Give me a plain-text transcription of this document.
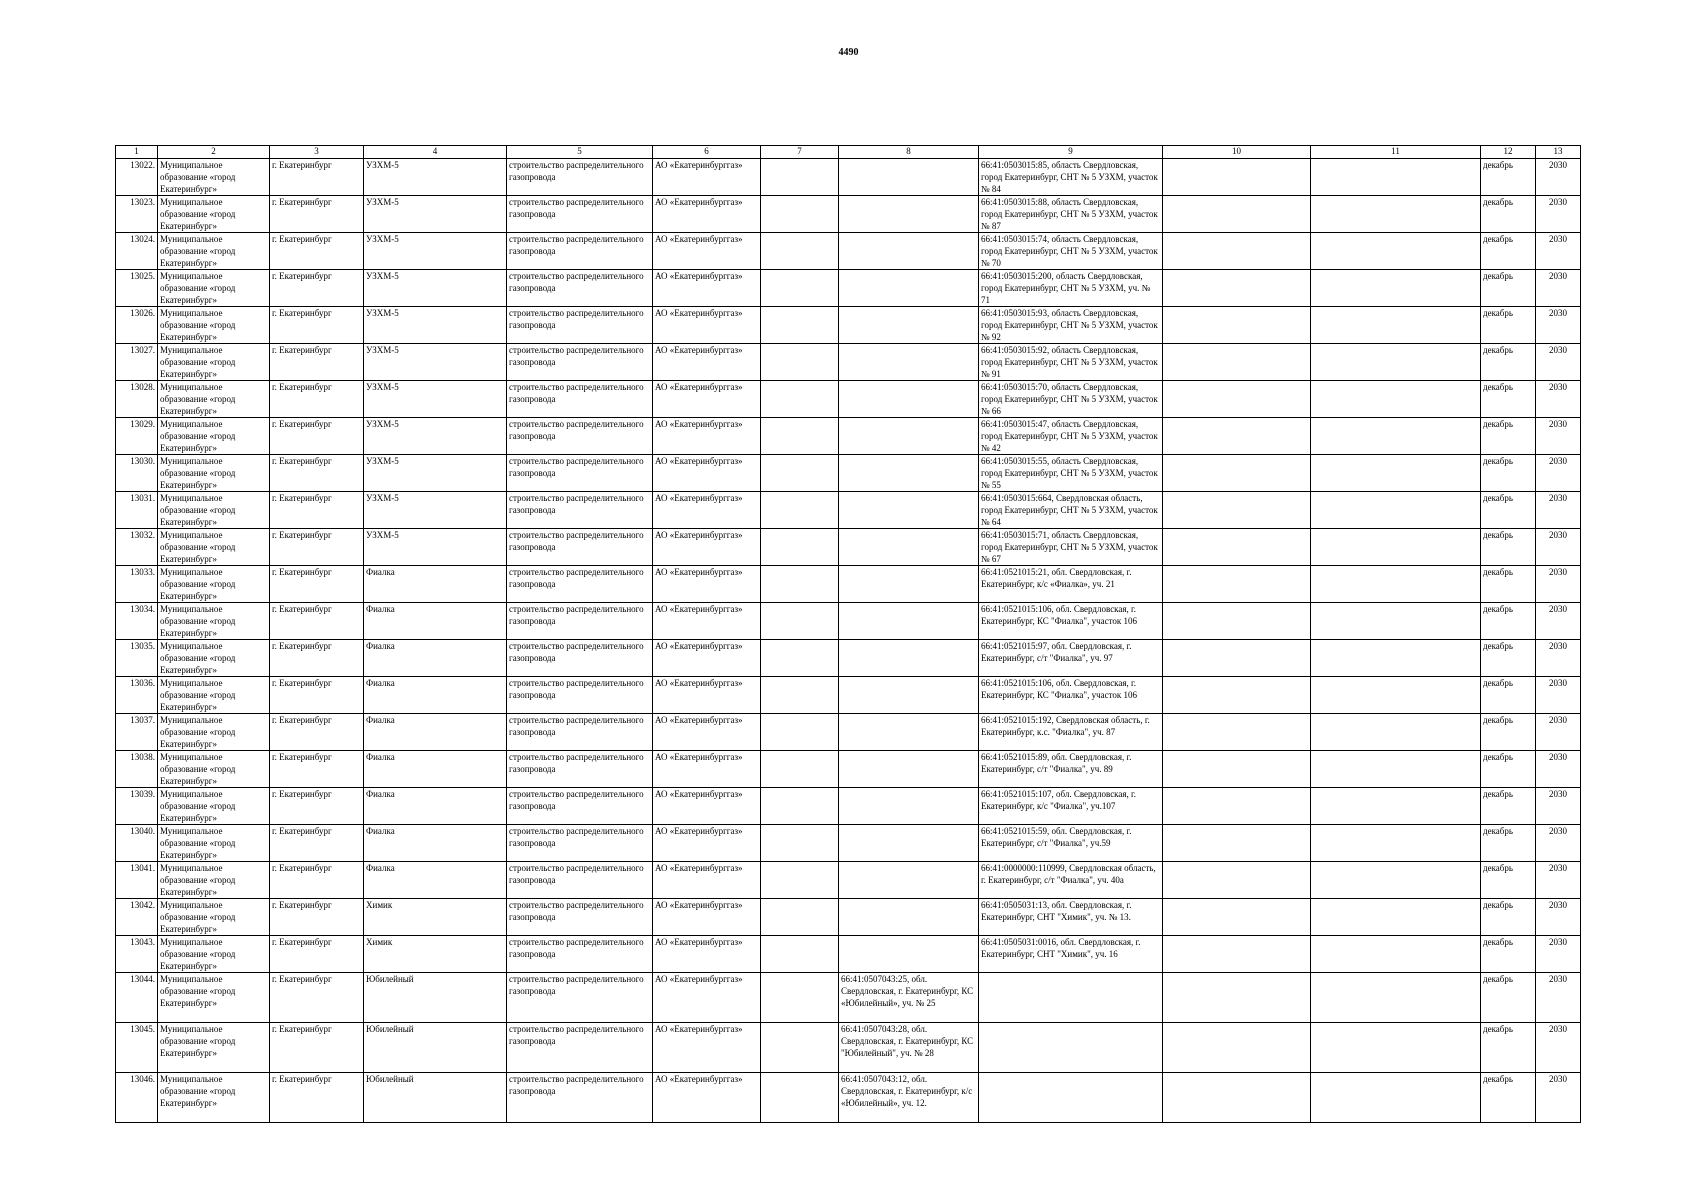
4490
1	2	3	4	5	6	7	8	9	10	11	12	13
13022.	Муниципальное образование «город Екатеринбург»	г. Екатеринбург	УЗХМ-5	строительство распределительного газопровода	АО «Екатеринбурггаз»			66:41:0503015:85, область Свердловская, город Екатеринбург, СНТ № 5 УЗХМ, участок № 84			декабрь	2030
13023.	Муниципальное образование «город Екатеринбург»	г. Екатеринбург	УЗХМ-5	строительство распределительного газопровода	АО «Екатеринбурггаз»			66:41:0503015:88, область Свердловская, город Екатеринбург, СНТ № 5 УЗХМ, участок № 87			декабрь	2030
13024.	Муниципальное образование «город Екатеринбург»	г. Екатеринбург	УЗХМ-5	строительство распределительного газопровода	АО «Екатеринбурггаз»			66:41:0503015:74, область Свердловская, город Екатеринбург, СНТ № 5 УЗХМ, участок № 70			декабрь	2030
13025.	Муниципальное образование «город Екатеринбург»	г. Екатеринбург	УЗХМ-5	строительство распределительного газопровода	АО «Екатеринбурггаз»			66:41:0503015:200, область Свердловская, город Екатеринбург, СНТ № 5 УЗХМ, уч. № 71			декабрь	2030
13026.	Муниципальное образование «город Екатеринбург»	г. Екатеринбург	УЗХМ-5	строительство распределительного газопровода	АО «Екатеринбурггаз»			66:41:0503015:93, область Свердловская, город Екатеринбург, СНТ № 5 УЗХМ, участок № 92			декабрь	2030
13027.	Муниципальное образование «город Екатеринбург»	г. Екатеринбург	УЗХМ-5	строительство распределительного газопровода	АО «Екатеринбурггаз»			66:41:0503015:92, область Свердловская, город Екатеринбург, СНТ № 5 УЗХМ, участок № 91			декабрь	2030
13028.	Муниципальное образование «город Екатеринбург»	г. Екатеринбург	УЗХМ-5	строительство распределительного газопровода	АО «Екатеринбурггаз»			66:41:0503015:70, область Свердловская, город Екатеринбург, СНТ № 5 УЗХМ, участок № 66			декабрь	2030
13029.	Муниципальное образование «город Екатеринбург»	г. Екатеринбург	УЗХМ-5	строительство распределительного газопровода	АО «Екатеринбурггаз»			66:41:0503015:47, область Свердловская, город Екатеринбург, СНТ № 5 УЗХМ, участок № 42			декабрь	2030
13030.	Муниципальное образование «город Екатеринбург»	г. Екатеринбург	УЗХМ-5	строительство распределительного газопровода	АО «Екатеринбурггаз»			66:41:0503015:55, область Свердловская, город Екатеринбург, СНТ № 5 УЗХМ, участок № 55			декабрь	2030
13031.	Муниципальное образование «город Екатеринбург»	г. Екатеринбург	УЗХМ-5	строительство распределительного газопровода	АО «Екатеринбурггаз»			66:41:0503015:664, Свердловская область, город Екатеринбург, СНТ № 5 УЗХМ, участок № 64			декабрь	2030
13032.	Муниципальное образование «город Екатеринбург»	г. Екатеринбург	УЗХМ-5	строительство распределительного газопровода	АО «Екатеринбурггаз»			66:41:0503015:71, область Свердловская, город Екатеринбург, СНТ № 5 УЗХМ, участок № 67			декабрь	2030
13033.	Муниципальное образование «город Екатеринбург»	г. Екатеринбург	Фиалка	строительство распределительного газопровода	АО «Екатеринбурггаз»			66:41:0521015:21, обл. Свердловская, г. Екатеринбург, к/с «Фиалка», уч. 21			декабрь	2030
13034.	Муниципальное образование «город Екатеринбург»	г. Екатеринбург	Фиалка	строительство распределительного газопровода	АО «Екатеринбурггаз»			66:41:0521015:106, обл. Свердловская, г. Екатеринбург, КС "Фиалка", участок 106			декабрь	2030
13035.	Муниципальное образование «город Екатеринбург»	г. Екатеринбург	Фиалка	строительство распределительного газопровода	АО «Екатеринбурггаз»			66:41:0521015:97, обл. Свердловская, г. Екатеринбург, с/т "Фиалка", уч. 97			декабрь	2030
13036.	Муниципальное образование «город Екатеринбург»	г. Екатеринбург	Фиалка	строительство распределительного газопровода	АО «Екатеринбурггаз»			66:41:0521015:106, обл. Свердловская, г. Екатеринбург, КС "Фиалка", участок 106			декабрь	2030
13037.	Муниципальное образование «город Екатеринбург»	г. Екатеринбург	Фиалка	строительство распределительного газопровода	АО «Екатеринбурггаз»			66:41:0521015:192, Свердловская область, г. Екатеринбург, к.с. "Фиалка", уч. 87			декабрь	2030
13038.	Муниципальное образование «город Екатеринбург»	г. Екатеринбург	Фиалка	строительство распределительного газопровода	АО «Екатеринбурггаз»			66:41:0521015:89, обл. Свердловская, г. Екатеринбург, с/т "Фиалка", уч. 89			декабрь	2030
13039.	Муниципальное образование «город Екатеринбург»	г. Екатеринбург	Фиалка	строительство распределительного газопровода	АО «Екатеринбурггаз»			66:41:0521015:107, обл. Свердловская, г. Екатеринбург, к/с "Фиалка", уч.107			декабрь	2030
13040.	Муниципальное образование «город Екатеринбург»	г. Екатеринбург	Фиалка	строительство распределительного газопровода	АО «Екатеринбурггаз»			66:41:0521015:59, обл. Свердловская, г. Екатеринбург, с/т "Фиалка", уч.59			декабрь	2030
13041.	Муниципальное образование «город Екатеринбург»	г. Екатеринбург	Фиалка	строительство распределительного газопровода	АО «Екатеринбурггаз»			66:41:0000000:110999, Свердловская область, г. Екатеринбург, с/т "Фиалка", уч. 40а			декабрь	2030
13042.	Муниципальное образование «город Екатеринбург»	г. Екатеринбург	Химик	строительство распределительного газопровода	АО «Екатеринбурггаз»			66:41:0505031:13, обл. Свердловская, г. Екатеринбург, СНТ "Химик", уч. № 13.			декабрь	2030
13043.	Муниципальное образование «город Екатеринбург»	г. Екатеринбург	Химик	строительство распределительного газопровода	АО «Екатеринбурггаз»			66:41:0505031:0016, обл. Свердловская, г. Екатеринбург, СНТ "Химик", уч. 16			декабрь	2030
13044.	Муниципальное образование «город Екатеринбург»	г. Екатеринбург	Юбилейный	строительство распределительного газопровода	АО «Екатеринбурггаз»		66:41:0507043:25, обл. Свердловская, г. Екатеринбург, КС «Юбилейный», уч. № 25				декабрь	2030
13045.	Муниципальное образование «город Екатеринбург»	г. Екатеринбург	Юбилейный	строительство распределительного газопровода	АО «Екатеринбурггаз»		66:41:0507043:28, обл. Свердловская, г. Екатеринбург, КС "Юбилейный", уч. № 28				декабрь	2030
13046.	Муниципальное образование «город Екатеринбург»	г. Екатеринбург	Юбилейный	строительство распределительного газопровода	АО «Екатеринбурггаз»		66:41:0507043:12, обл. Свердловская, г. Екатеринбург, к/с «Юбилейный», уч. 12.				декабрь	2030
